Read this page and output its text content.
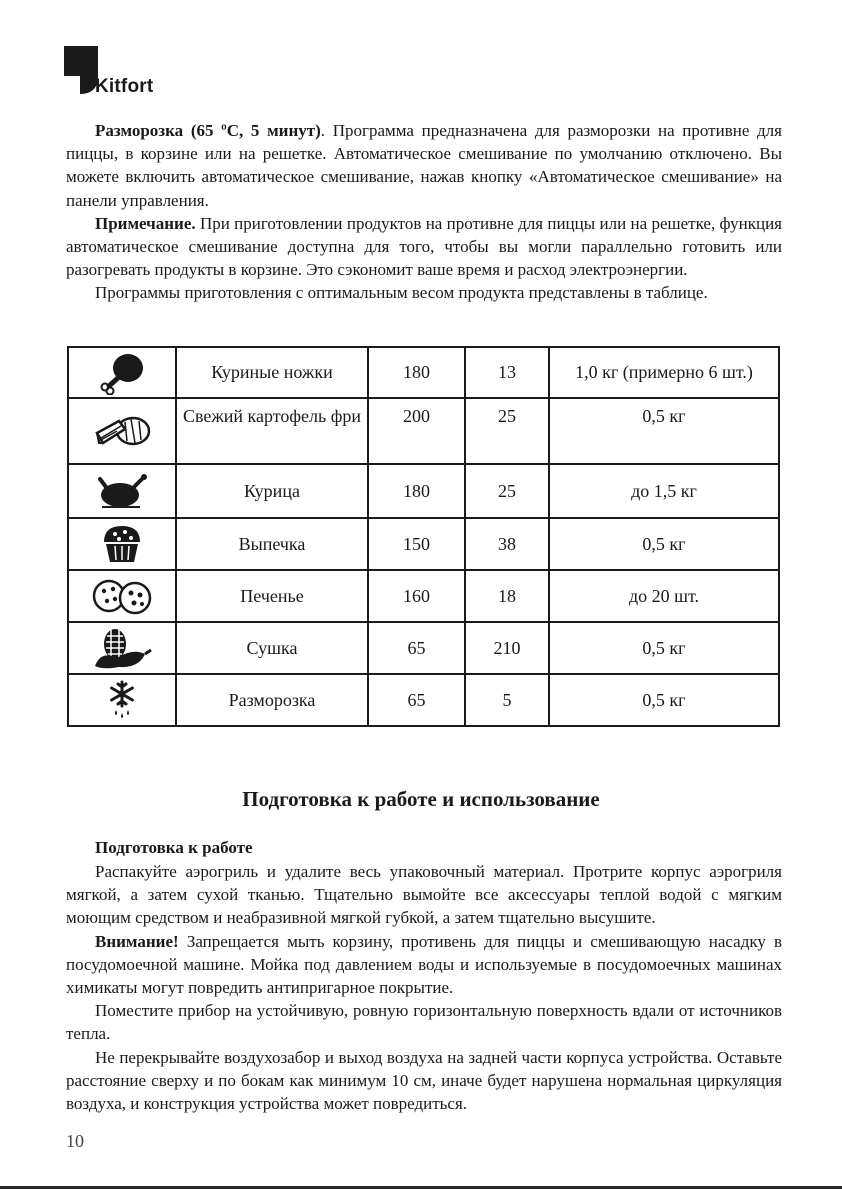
Kitfort

Разморозка (65 ºC, 5 минут). Программа предназначена для разморозки на противне для пиццы, в корзине или на решетке. Автоматическое смешивание по умолчанию отключено. Вы можете включить автоматическое смешивание, нажав кнопку «Автоматическое смешивание» на панели управления.

Примечание. При приготовлении продуктов на противне для пиццы или на решетке, функция автоматическое смешивание доступна для того, чтобы вы могли параллельно готовить или разогревать продукты в корзине. Это сэкономит ваше время и расход электроэнергии.

Программы приготовления с оптимальным весом продукта представлены в таблице.

	Куриные ножки	180	13	1,0 кг (примерно 6 шт.)

	Свежий картофель фри	200	25	0,5 кг

	Курица	180	25	до 1,5 кг

	Выпечка	150	38	0,5 кг

	Печенье	160	18	до 20 шт.

	Сушка	65	210	0,5 кг

	Разморозка	65	5	0,5 кг
Подготовка к работе и использование
Подготовка к работе

Распакуйте аэрогриль и удалите весь упаковочный материал. Протрите корпус аэрогриля мягкой, а затем сухой тканью. Тщательно вымойте все аксессуары теплой водой с мягким моющим средством и неабразивной мягкой губкой, а затем тщательно высушите.

Внимание! Запрещается мыть корзину, противень для пиццы и смешивающую насадку в посудомоечной машине. Мойка под давлением воды и используемые в посудомоечных машинах химикаты могут повредить антипригарное покрытие.

Поместите прибор на устойчивую, ровную горизонтальную поверхность вдали от источников тепла.

Не перекрывайте воздухозабор и выход воздуха на задней части корпуса устройства. Оставьте расстояние сверху и по бокам как минимум 10 см, иначе будет нарушена нормальная циркуляция воздуха, и конструкция устройства может повредиться.

10
